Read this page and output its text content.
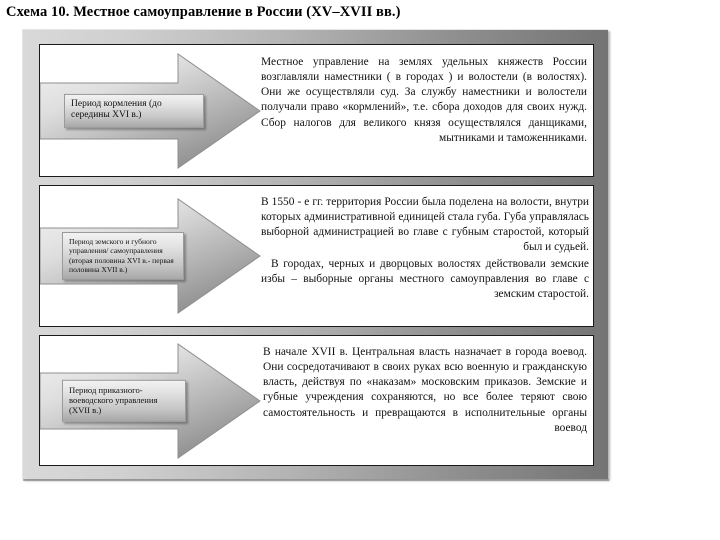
Схема 10. Местное самоуправление в России (XV–XVII вв.)
Период кормления (до середины XVI в.)

Местное управление на землях удельных княжеств России возглавляли наместники ( в городах ) и волостели (в волостях). Они же осуществляли суд. За службу наместники и волостели получали право «кормлений», т.е. сбора доходов для своих нужд. Сбор налогов для великого князя осуществлялся данщиками, мытниками и таможенниками.

Период земского и губного управления/ самоуправления (вторая половина XVI в.- первая половина XVII в.)

В 1550 - е гг. территория России была поделена на волости, внутри которых административной единицей стала губа. Губа управлялась выборной администрацией во главе с губным старостой, который был и судьей.

В городах, черных и дворцовых волостях действовали земские избы – выборные органы местного самоуправления во главе с земским старостой.

Период приказного-воеводского управления (XVII в.)

В начале XVII в. Центральная власть назначает в города воевод. Они сосредотачивают в своих руках всю военную и гражданскую власть, действуя по «наказам» московским приказов. Земские и губные учреждения сохраняются, но все более теряют свою самостоятельность и превращаются в исполнительные органы воевод
